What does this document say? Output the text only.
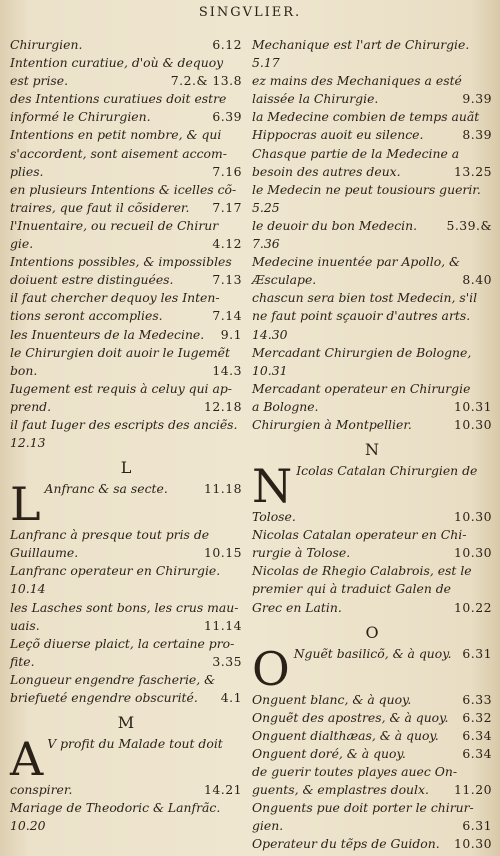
SINGVLIER.
6.12
Chirurgien.
Intention curatiue, d'où & dequoy
7.2.& 13.8
est prise.
des Intentions curatiues doit estre
6.39
informé le Chirurgien.
Intentions en petit nombre, & qui
s'accordent, sont aisement accom-
7.16
plies.
en plusieurs Intentions & icelles cõ-
7.17
traires, que faut il cõsiderer.
l'Inuentaire, ou recueil de Chirur
4.12
gie.
Intentions possibles, & impossibles
7.13
doiuent estre distinguées.
il faut chercher dequoy les Inten-
7.14
tions seront accomplies.
9.1
les Inuenteurs de la Medecine.
le Chirurgien doit auoir le Iugemẽt
14.3
bon.
Iugement est requis à celuy qui ap-
12.18
prend.
il faut Iuger des escripts des anciẽs.
12.13
L
L	11.18
Anfranc & sa secte.
Lanfranc à presque tout pris de
10.15
Guillaume.
Lanfranc operateur en Chirurgie.
10.14
les Lasches sont bons, les crus mau-
11.14
uais.
Leçõ diuerse plaict, la certaine pro-
3.35
fite.
Longueur engendre fascherie, &
4.1
briefueté engendre obscurité.
M
A V profit du Malade tout doit
14.21
conspirer.
Mariage de Theodoric & Lanfrãc.
10.20
Mechanique est l'art de Chirurgie.
5.17
ez mains des Mechaniques a esté
9.39
laissée la Chirurgie.
la Medecine combien de temps auãt
8.39
Hippocras auoit eu silence.
Chasque partie de la Medecine a
13.25
besoin des autres deux.
le Medecin ne peut tousiours guerir.
5.25
5.39.&
le deuoir du bon Medecin.
7.36
Medecine inuentée par Apollo, &
8.40
Æsculape.
chascun sera bien tost Medecin, s'il
ne faut point sçauoir d'autres arts.
14.30
Mercadant Chirurgien de Bologne,
10.31
Mercadant operateur en Chirurgie
10.31
a Bologne.
10.30
Chirurgien à Montpellier.
N
N Icolas Catalan Chirurgien de
10.30
Tolose.
Nicolas Catalan operateur en Chi-
10.30
rurgie à Tolose.
Nicolas de Rhegio Calabrois, est le
premier qui à traduict Galen de
10.22
Grec en Latin.
O
O	6.31
Nguẽt basilicõ, & à quoy.
6.33
Onguent blanc, & à quoy.
6.32
Onguẽt des apostres, & à quoy.
6.34
Onguent dialthæas, & à quoy.
6.34
Onguent doré, & à quoy.
de guerir toutes playes auec On-
11.20
guents, & emplastres doulx.
Onguents pue doit porter le chirur-
6.31
gien.
10.30
Operateur du tẽps de Guidon.
